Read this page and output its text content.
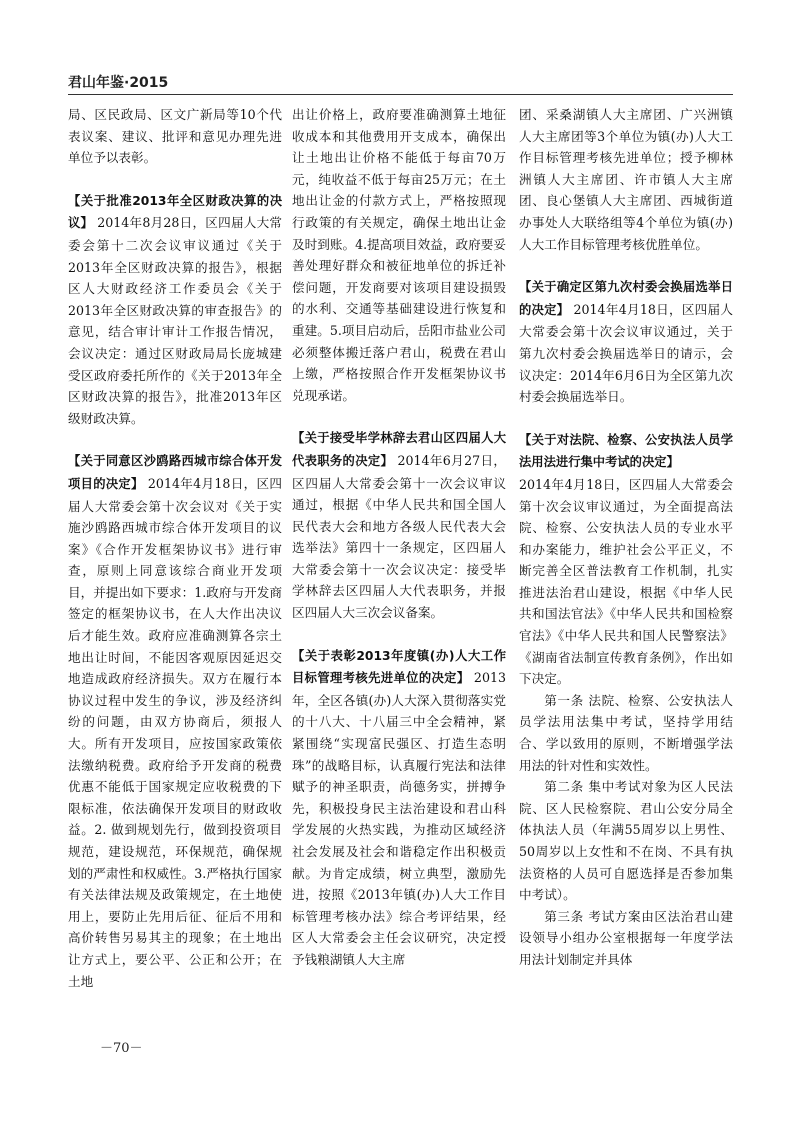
君山年鉴·2015

局、区民政局、区文广新局等10个代表议案、建议、批评和意见办理先进单位予以表彰。

【关于批准2013年全区财政决算的决议】 2014年8月28日，区四届人大常委会第十二次会议审议通过《关于2013年全区财政决算的报告》，根据区人大财政经济工作委员会《关于2013年全区财政决算的审查报告》的意见，结合审计审计工作报告情况，会议决定：通过区财政局局长庞城建受区政府委托所作的《关于2013年全区财政决算的报告》，批准2013年区级财政决算。

【关于同意区沙鸥路西城市综合体开发项目的决定】 2014年4月18日，区四届人大常委会第十次会议对《关于实施沙鸥路西城市综合体开发项目的议案》《合作开发框架协议书》进行审查，原则上同意该综合商业开发项目，并提出如下要求：1.政府与开发商签定的框架协议书，在人大作出决议后才能生效。政府应准确测算各宗土地出让时间，不能因客观原因延迟交地造成政府经济损失。双方在履行本协议过程中发生的争议，涉及经济纠纷的问题，由双方协商后，须报人大。所有开发项目，应按国家政策依法缴纳税费。政府给予开发商的税费优惠不能低于国家规定应收税费的下限标准，依法确保开发项目的财政收益。2. 做到规划先行，做到投资项目规范，建设规范，环保规范，确保规划的严肃性和权威性。3.严格执行国家有关法律法规及政策规定，在土地使用上，要防止先用后征、征后不用和高价转售另易其主的现象；在土地出让方式上，要公平、公正和公开；在土地

出让价格上，政府要准确测算土地征收成本和其他费用开支成本，确保出让土地出让价格不能低于每亩70万元，纯收益不低于每亩25万元；在土地出让金的付款方式上，严格按照现行政策的有关规定，确保土地出让金及时到账。4.提高项目效益，政府要妥善处理好群众和被征地单位的拆迁补偿问题，开发商要对该项目建设损毁的水利、交通等基础建设进行恢复和重建。5.项目启动后，岳阳市盐业公司必须整体搬迁落户君山，税费在君山上缴，严格按照合作开发框架协议书兑现承诺。

【关于接受毕学林辞去君山区四届人大代表职务的决定】 2014年6月27日，区四届人大常委会第十一次会议审议通过，根据《中华人民共和国全国人民代表大会和地方各级人民代表大会选举法》第四十一条规定，区四届人大常委会第十一次会议决定：接受毕学林辞去区四届人大代表职务，并报区四届人大三次会议备案。

【关于表彰2013年度镇(办)人大工作目标管理考核先进单位的决定】 2013年，全区各镇(办)人大深入贯彻落实党的十八大、十八届三中全会精神，紧紧围绕“实现富民强区、打造生态明珠”的战略目标，认真履行宪法和法律赋予的神圣职责，尚德务实，拼搏争先，积极投身民主法治建设和君山科学发展的火热实践，为推动区域经济社会发展及社会和谐稳定作出积极贡献。为肯定成绩，树立典型，激励先进，按照《2013年镇(办)人大工作目标管理考核办法》综合考评结果，经区人大常委会主任会议研究，决定授予钱粮湖镇人大主席

团、采桑湖镇人大主席团、广兴洲镇人大主席团等3个单位为镇(办)人大工作目标管理考核先进单位；授予柳林洲镇人大主席团、许市镇人大主席团、良心堡镇人大主席团、西城街道办事处人大联络组等4个单位为镇(办)人大工作目标管理考核优胜单位。

【关于确定区第九次村委会换届选举日的决定】 2014年4月18日，区四届人大常委会第十次会议审议通过，关于第九次村委会换届选举日的请示，会议决定：2014年6月6日为全区第九次村委会换届选举日。

【关于对法院、检察、公安执法人员学法用法进行集中考试的决定】

2014年4月18日，区四届人大常委会第十次会议审议通过，为全面提高法院、检察、公安执法人员的专业水平和办案能力，维护社会公平正义，不断完善全区普法教育工作机制，扎实推进法治君山建设，根据《中华人民共和国法官法》《中华人民共和国检察官法》《中华人民共和国人民警察法》《湖南省法制宣传教育条例》，作出如下决定。

第一条 法院、检察、公安执法人员学法用法集中考试，坚持学用结合、学以致用的原则，不断增强学法用法的针对性和实效性。

第二条 集中考试对象为区人民法院、区人民检察院、君山公安分局全体执法人员（年满55周岁以上男性、50周岁以上女性和不在岗、不具有执法资格的人员可自愿选择是否参加集中考试）。

第三条 考试方案由区法治君山建设领导小组办公室根据每一年度学法用法计划制定并具体

－70－
